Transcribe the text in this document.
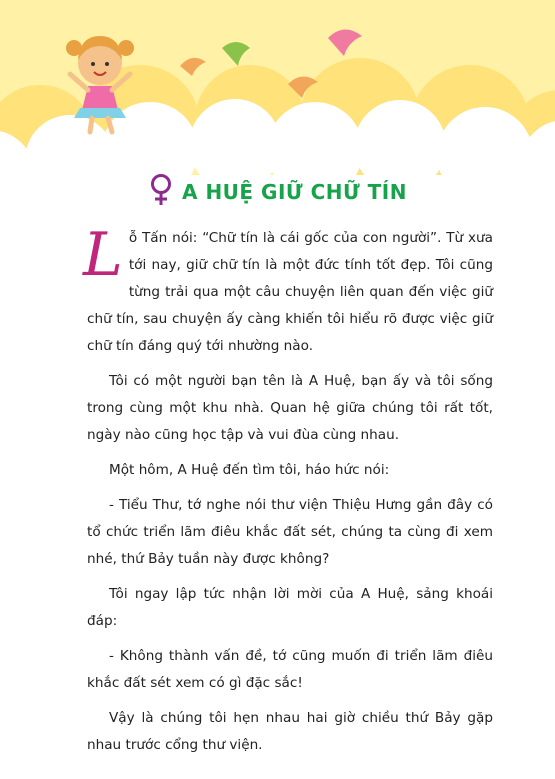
A HUỆ GIỮ CHỮ TÍN

Lỗ Tấn nói: “Chữ tín là cái gốc của con người”. Từ xưa tới nay, giữ chữ tín là một đức tính tốt đẹp. Tôi cũng từng trải qua một câu chuyện liên quan đến việc giữ chữ tín, sau chuyện ấy càng khiến tôi hiểu rõ được việc giữ chữ tín đáng quý tới nhường nào.

Tôi có một người bạn tên là A Huệ, bạn ấy và tôi sống trong cùng một khu nhà. Quan hệ giữa chúng tôi rất tốt, ngày nào cũng học tập và vui đùa cùng nhau.

Một hôm, A Huệ đến tìm tôi, háo hức nói:

- Tiểu Thư, tớ nghe nói thư viện Thiệu Hưng gần đây có tổ chức triển lãm điêu khắc đất sét, chúng ta cùng đi xem nhé, thứ Bảy tuần này được không?

Tôi ngay lập tức nhận lời mời của A Huệ, sảng khoái đáp:

- Không thành vấn đề, tớ cũng muốn đi triển lãm điêu khắc đất sét xem có gì đặc sắc!

Vậy là chúng tôi hẹn nhau hai giờ chiều thứ Bảy gặp nhau trước cổng thư viện.
